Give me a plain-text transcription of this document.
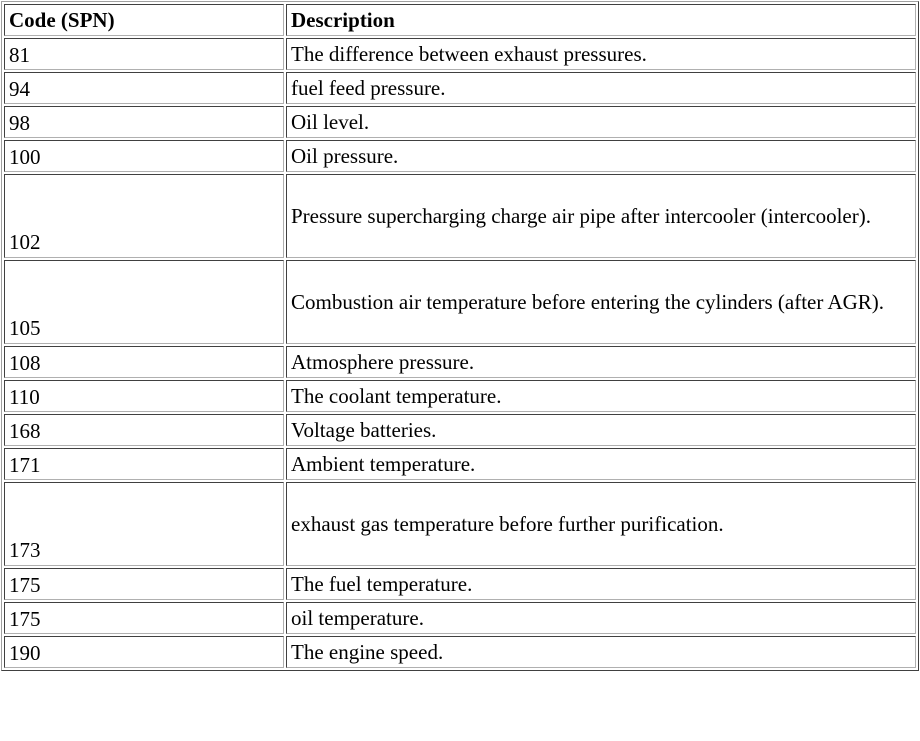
Code (SPN)	Description
81	The difference between exhaust pressures.
94	fuel feed pressure.
98	Oil level.
100	Oil pressure.
102	Pressure supercharging charge air pipe after intercooler (intercooler).
105	Combustion air temperature before entering the cylinders (after AGR).
108	Atmosphere pressure.
110	The coolant temperature.
168	Voltage batteries.
171	Ambient temperature.
173	exhaust gas temperature before further purification.
175	The fuel temperature.
175	oil temperature.
190	The engine speed.
